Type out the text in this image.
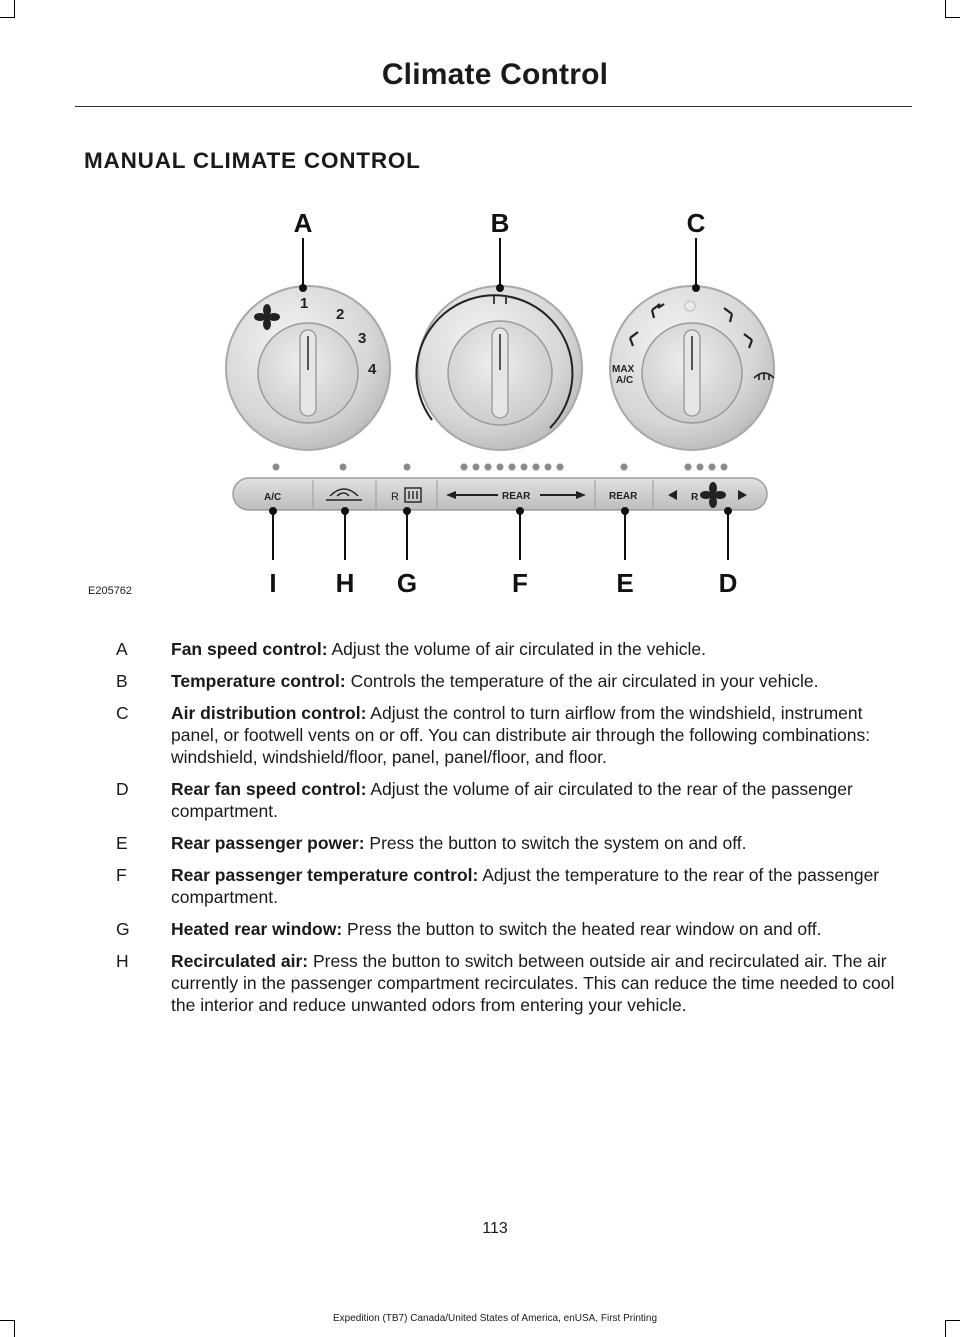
Climate Control
MANUAL CLIMATE CONTROL
1
2
3
4	MAX
A/C
A/C	R	REAR	REAR	R
A	B	C
I H G	F	E	D
E205762
A Fan speed control: Adjust the volume of air circulated in the vehicle.
B Temperature control: Controls the temperature of the air circulated in your vehicle.
C Air distribution control: Adjust the control to turn airflow from the windshield, instrument panel, or footwell vents on or off. You can distribute air through the following combinations: windshield, windshield/floor, panel, panel/floor, and floor.
D Rear fan speed control: Adjust the volume of air circulated to the rear of the passenger compartment.
E Rear passenger power: Press the button to switch the system on and off.
F	Rear passenger temperature control: Adjust the temperature to the rear of the passenger compartment.
G Heated rear window: Press the button to switch the heated rear window on and off.
H Recirculated air: Press the button to switch between outside air and recirculated air. The air currently in the passenger compartment recirculates. This can reduce the time needed to cool the interior and reduce unwanted odors from entering your vehicle.
113
Expedition (TB7) Canada/United States of America, enUSA, First Printing
